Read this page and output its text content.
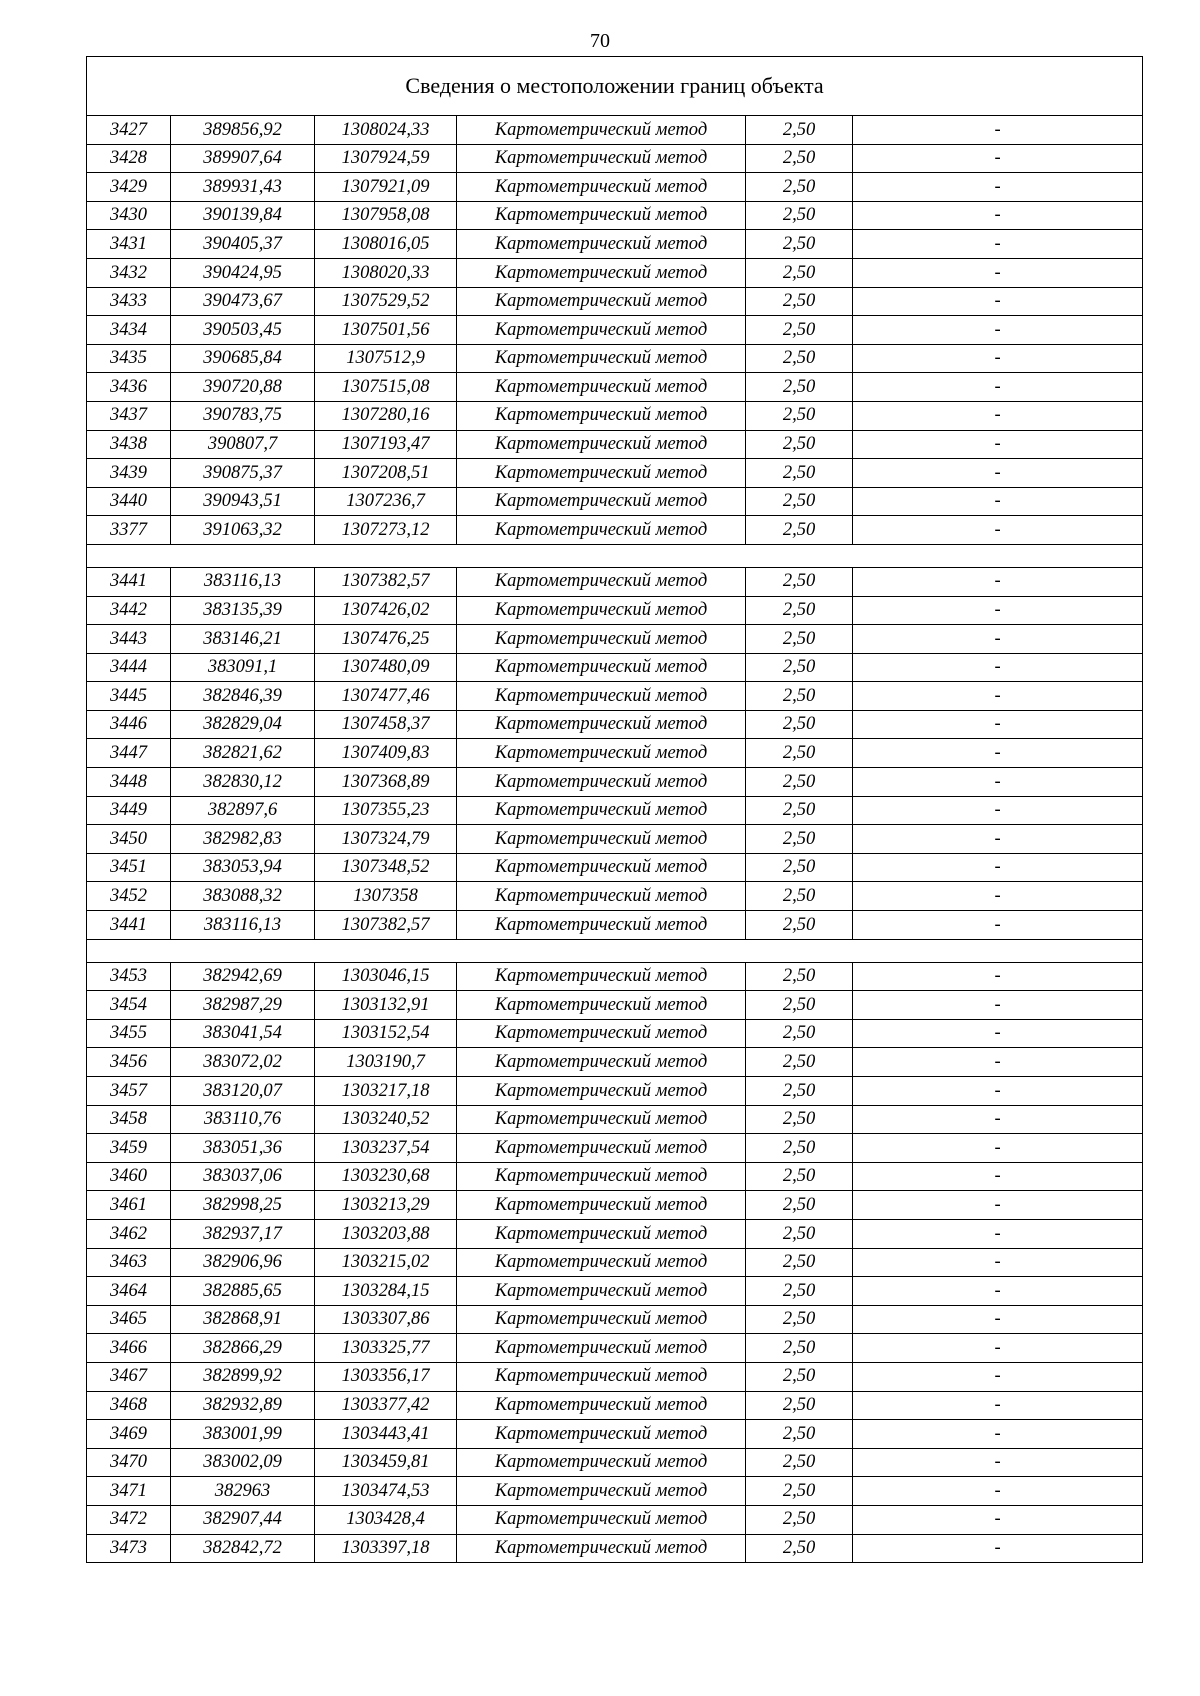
70
Сведения о местоположении границ объекта					
3427	389856,92	1308024,33	Картометрический метод	2,50	-
3428	389907,64	1307924,59	Картометрический метод	2,50	-
3429	389931,43	1307921,09	Картометрический метод	2,50	-
3430	390139,84	1307958,08	Картометрический метод	2,50	-
3431	390405,37	1308016,05	Картометрический метод	2,50	-
3432	390424,95	1308020,33	Картометрический метод	2,50	-
3433	390473,67	1307529,52	Картометрический метод	2,50	-
3434	390503,45	1307501,56	Картометрический метод	2,50	-
3435	390685,84	1307512,9	Картометрический метод	2,50	-
3436	390720,88	1307515,08	Картометрический метод	2,50	-
3437	390783,75	1307280,16	Картометрический метод	2,50	-
3438	390807,7	1307193,47	Картометрический метод	2,50	-
3439	390875,37	1307208,51	Картометрический метод	2,50	-
3440	390943,51	1307236,7	Картометрический метод	2,50	-
3377	391063,32	1307273,12	Картометрический метод	2,50	-

3441	383116,13	1307382,57	Картометрический метод	2,50	-
3442	383135,39	1307426,02	Картометрический метод	2,50	-
3443	383146,21	1307476,25	Картометрический метод	2,50	-
3444	383091,1	1307480,09	Картометрический метод	2,50	-
3445	382846,39	1307477,46	Картометрический метод	2,50	-
3446	382829,04	1307458,37	Картометрический метод	2,50	-
3447	382821,62	1307409,83	Картометрический метод	2,50	-
3448	382830,12	1307368,89	Картометрический метод	2,50	-
3449	382897,6	1307355,23	Картометрический метод	2,50	-
3450	382982,83	1307324,79	Картометрический метод	2,50	-
3451	383053,94	1307348,52	Картометрический метод	2,50	-
3452	383088,32	1307358	Картометрический метод	2,50	-
3441	383116,13	1307382,57	Картометрический метод	2,50	-

3453	382942,69	1303046,15	Картометрический метод	2,50	-
3454	382987,29	1303132,91	Картометрический метод	2,50	-
3455	383041,54	1303152,54	Картометрический метод	2,50	-
3456	383072,02	1303190,7	Картометрический метод	2,50	-
3457	383120,07	1303217,18	Картометрический метод	2,50	-
3458	383110,76	1303240,52	Картометрический метод	2,50	-
3459	383051,36	1303237,54	Картометрический метод	2,50	-
3460	383037,06	1303230,68	Картометрический метод	2,50	-
3461	382998,25	1303213,29	Картометрический метод	2,50	-
3462	382937,17	1303203,88	Картометрический метод	2,50	-
3463	382906,96	1303215,02	Картометрический метод	2,50	-
3464	382885,65	1303284,15	Картометрический метод	2,50	-
3465	382868,91	1303307,86	Картометрический метод	2,50	-
3466	382866,29	1303325,77	Картометрический метод	2,50	-
3467	382899,92	1303356,17	Картометрический метод	2,50	-
3468	382932,89	1303377,42	Картометрический метод	2,50	-
3469	383001,99	1303443,41	Картометрический метод	2,50	-
3470	383002,09	1303459,81	Картометрический метод	2,50	-
3471	382963	1303474,53	Картометрический метод	2,50	-
3472	382907,44	1303428,4	Картометрический метод	2,50	-
3473	382842,72	1303397,18	Картометрический метод	2,50	-
